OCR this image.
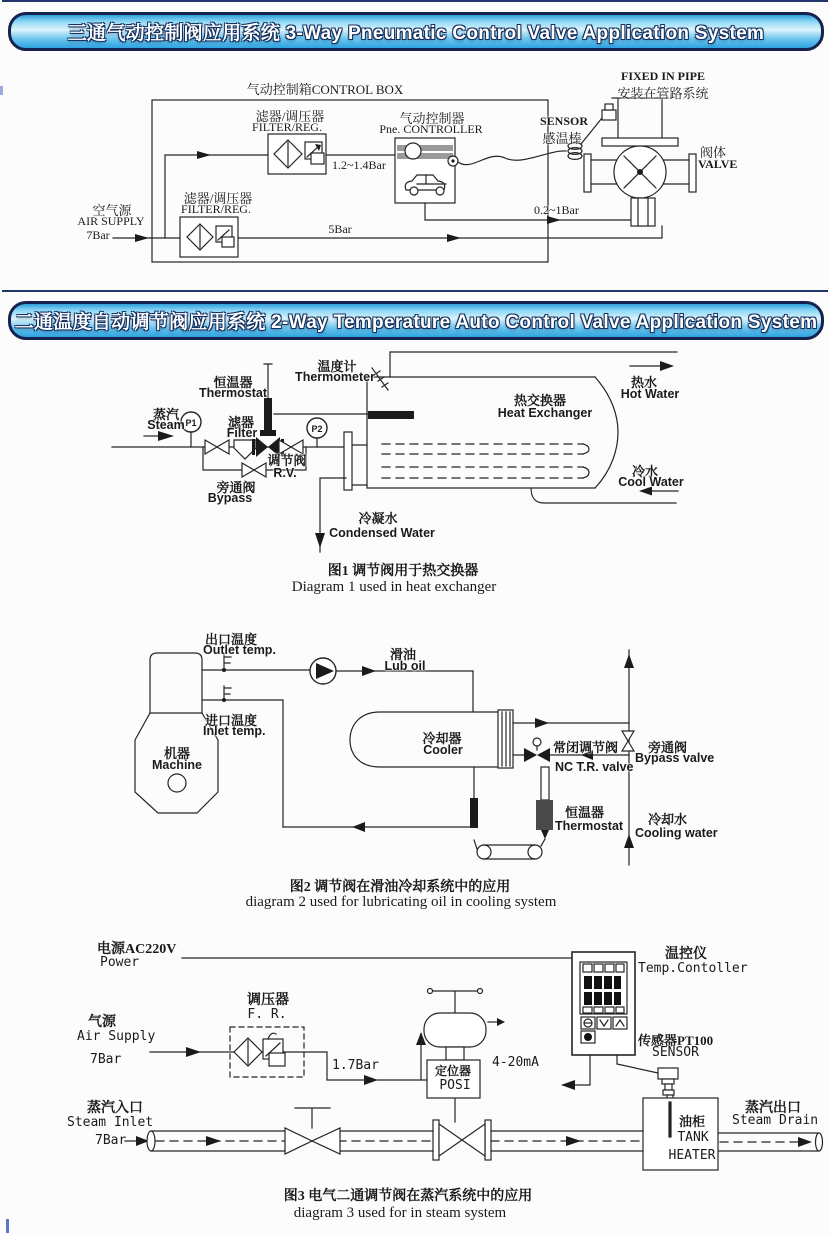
三通气动控制阀应用系统 3-Way Pneumatic Control Valve Application System
二通温度自动调节阀应用系统 2-Way Temperature Auto Control Valve Application System
气动控制箱CONTROL BOX
滤器/调压器
FILTER/REG.
气动控制器
Pne. CONTROLLER
1.2~1.4Bar
滤器/调压器
FILTER/REG.
空气源
AIR SUPPLY
7Bar	5Bar
0.2~1Bar
SENSOR
感温棒
FIXED IN PIPE
安装在管路系统
阀体
VALVE
恒温器
Thermostat
温度计
Thermometer
蒸汽
Steam P1
P2
滤器
Filter
调节阀
R.V.
旁通阀
Bypass
热交换器
Heat Exchanger
热水
Hot Water
冷水
Cool Water
冷凝水
Condensed Water
图1 调节阀用于热交换器
Diagram 1 used in heat exchanger
出口温度
Outlet temp.	滑油
Lub oil
进口温度
Inlet temp.
机器
Machine
冷却器
Cooler	常闭调节阀
NC T.R. valve
旁通阀
Bypass valve
恒温器
Thermostat 冷却水
Cooling water
图2 调节阀在滑油冷却系统中的应用
diagram 2 used for lubricating oil in cooling system
电源AC220V
Power
调压器
F. R.
气源
Air Supply
7Bar	1.7Bar	定位器
POSI
4-20mA
温控仪
Temp.Contoller
传感器PT100
SENSOR
蒸汽入口
Steam Inlet
7Bar
油柜
TANK
HEATER
蒸汽出口
Steam Drain
图3 电气二通调节阀在蒸汽系统中的应用
diagram 3 used for in steam system
